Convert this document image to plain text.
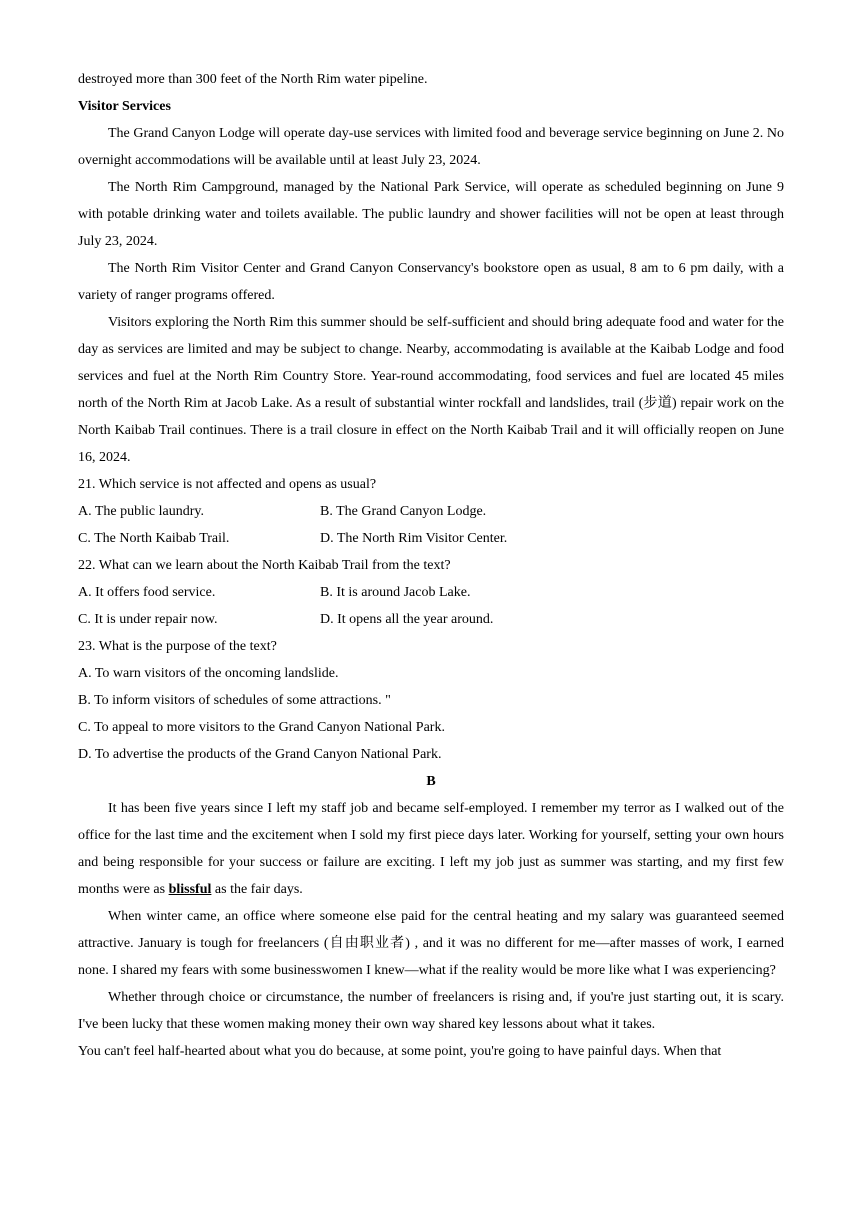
destroyed more than 300 feet of the North Rim water pipeline.

Visitor Services

The Grand Canyon Lodge will operate day-use services with limited food and beverage service beginning on June 2. No overnight accommodations will be available until at least July 23, 2024.

The North Rim Campground, managed by the National Park Service, will operate as scheduled beginning on June 9 with potable drinking water and toilets available. The public laundry and shower facilities will not be open at least through July 23, 2024.

The North Rim Visitor Center and Grand Canyon Conservancy's bookstore open as usual, 8 am to 6 pm daily, with a variety of ranger programs offered.

Visitors exploring the North Rim this summer should be self-sufficient and should bring adequate food and water for the day as services are limited and may be subject to change. Nearby, accommodating is available at the Kaibab Lodge and food services and fuel at the North Rim Country Store. Year-round accommodating, food services and fuel are located 45 miles north of the North Rim at Jacob Lake. As a result of substantial winter rockfall and landslides, trail (步道) repair work on the North Kaibab Trail continues. There is a trail closure in effect on the North Kaibab Trail and it will officially reopen on June 16, 2024.

21. Which service is not affected and opens as usual?

A. The public laundry.	B. The Grand Canyon Lodge.
C. The North Kaibab Trail.	D. The North Rim Visitor Center.

22. What can we learn about the North Kaibab Trail from the text?

A. It offers food service.	B. It is around Jacob Lake.
C. It is under repair now.	D. It opens all the year around.

23. What is the purpose of the text?

A. To warn visitors of the oncoming landslide.

B. To inform visitors of schedules of some attractions. "

C. To appeal to more visitors to the Grand Canyon National Park.

D. To advertise the products of the Grand Canyon National Park.

B

It has been five years since I left my staff job and became self-employed. I remember my terror as I walked out of the office for the last time and the excitement when I sold my first piece days later. Working for yourself, setting your own hours and being responsible for your success or failure are exciting. I left my job just as summer was starting, and my first few months were as blissful as the fair days.

When winter came, an office where someone else paid for the central heating and my salary was guaranteed seemed attractive. January is tough for freelancers (自由职业者) , and it was no different for me—after masses of work, I earned none. I shared my fears with some businesswomen I knew—what if the reality would be more like what I was experiencing?

Whether through choice or circumstance, the number of freelancers is rising and, if you're just starting out, it is scary. I've been lucky that these women making money their own way shared key lessons about what it takes.

You can't feel half-hearted about what you do because, at some point, you're going to have painful days. When that
